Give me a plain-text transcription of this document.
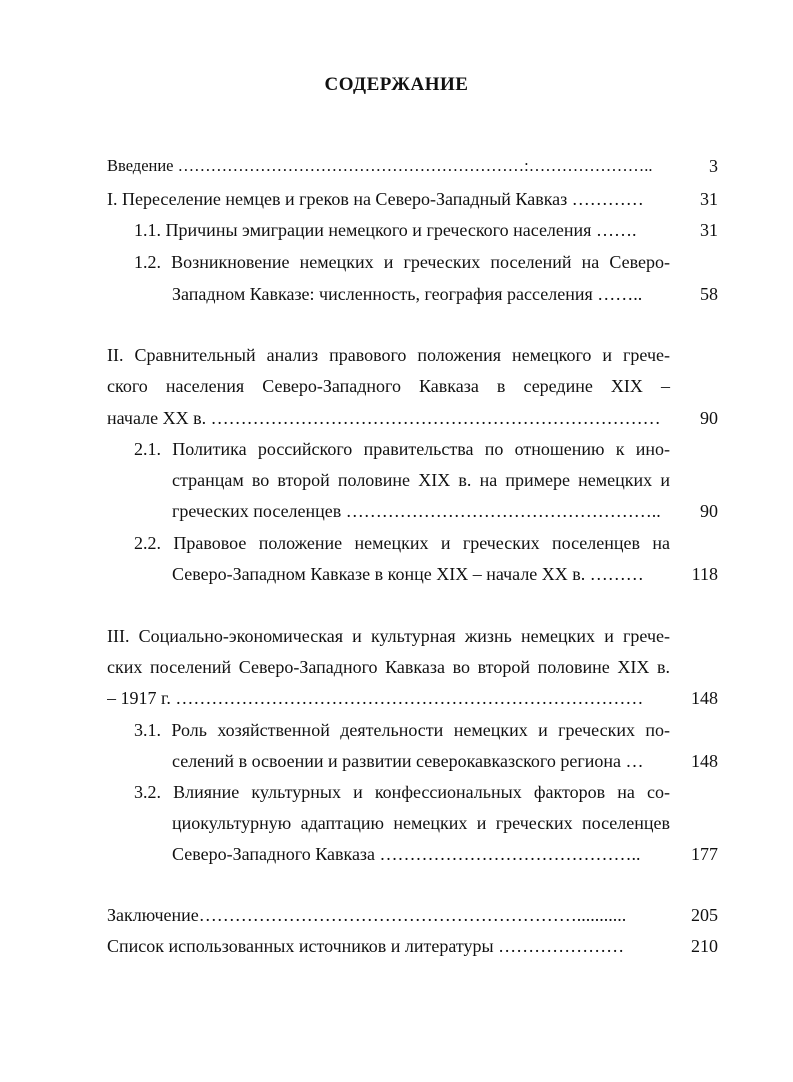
СОДЕРЖАНИЕ
Введение ………………………………………………………:…………………..	3
I. Переселение немцев и греков на Северо-Западный Кавказ …………	31
1.1. Причины эмиграции немецкого и греческого населения …….	31
1.2. Возникновение немецких и греческих поселений на Северо-
Западном Кавказе: численность, география расселения ……..	58
II. Сравнительный анализ правового положения немецкого и грече-
ского населения Северо-Западного Кавказа в середине XIX –
начале XX в. …………………………………………………………………	90
2.1. Политика российского правительства по отношению к ино-
странцам во второй половине XIX в. на примере немецких и
греческих поселенцев ……………………………………………..	90
2.2. Правовое положение немецких и греческих поселенцев на
Северо-Западном Кавказе в конце XIX – начале XX в. ………	118
III. Социально-экономическая и культурная жизнь немецких и грече-
ских поселений Северо-Западного Кавказа во второй половине XIX в.
– 1917 г. ……………………………………………………………………	148
3.1. Роль хозяйственной деятельности немецких и греческих по-
селений в освоении и развитии северокавказского региона …	148
3.2. Влияние культурных и конфессиональных факторов на со-
циокультурную адаптацию немецких и греческих поселенцев
Северо-Западного Кавказа ……………………………………..	177
Заключение………………………………………………………...........	205
Список использованных источников и литературы …………………	210
